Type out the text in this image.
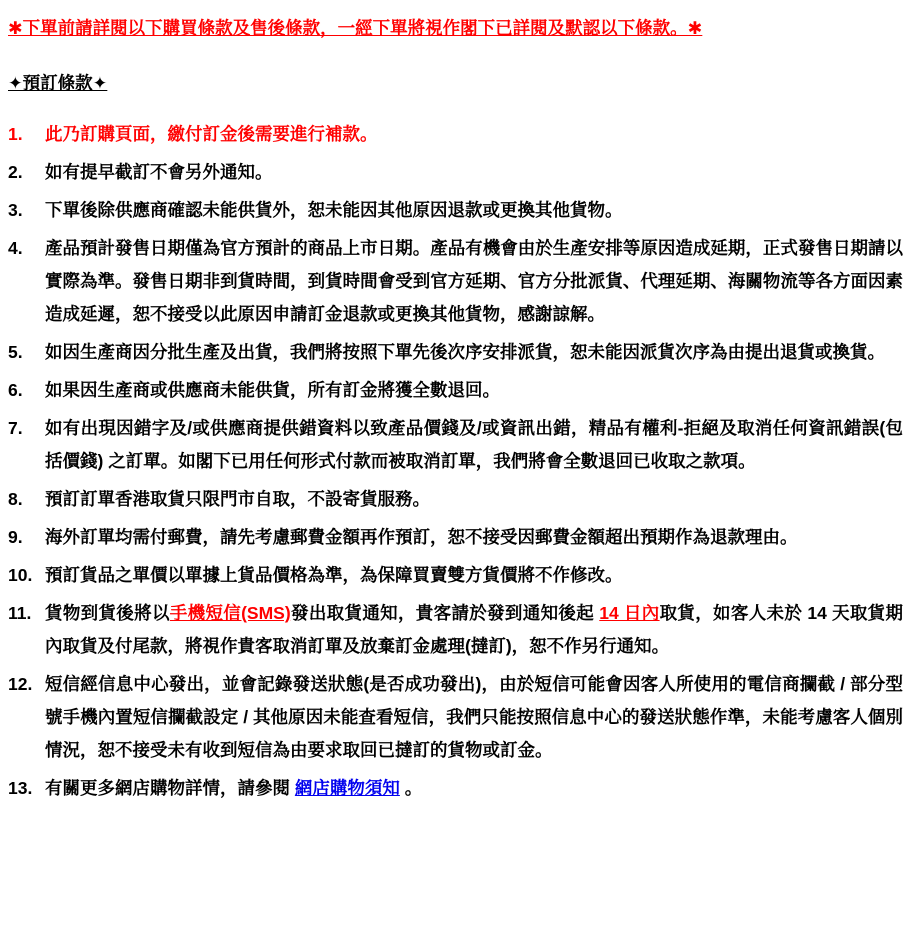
✱下單前請詳閱以下購買條款及售後條款，一經下單將視作閣下已詳閱及默認以下條款。✱
✦預訂條款✦
1.	此乃訂購頁面，繳付訂金後需要進行補款。
2.	如有提早截訂不會另外通知。
3.	下單後除供應商確認未能供貨外，恕未能因其他原因退款或更換其他貨物。
4.	產品預計發售日期僅為官方預計的商品上市日期。產品有機會由於生產安排等原因造成延期，正式發售日期請以實際為準。發售日期非到貨時間，到貨時間會受到官方延期、官方分批派貨、代理延期、海關物流等各方面因素造成延遲，恕不接受以此原因申請訂金退款或更換其他貨物，感謝諒解。
5.	如因生產商因分批生產及出貨，我們將按照下單先後次序安排派貨，恕未能因派貨次序為由提出退貨或換貨。
6.	如果因生產商或供應商未能供貨，所有訂金將獲全數退回。
7.	如有出現因錯字及/或供應商提供錯資料以致產品價錢及/或資訊出錯，精品有權利-拒絕及取消任何資訊錯誤(包括價錢) 之訂單。如閣下已用任何形式付款而被取消訂單，我們將會全數退回已收取之款項。
8.	預訂訂單香港取貨只限門市自取，不設寄貨服務。
9.	海外訂單均需付郵費，請先考慮郵費金額再作預訂，恕不接受因郵費金額超出預期作為退款理由。
10. 預訂貨品之單價以單據上貨品價格為準，為保障買賣雙方貨價將不作修改。
11. 貨物到貨後將以手機短信(SMS)發出取貨通知，貴客請於發到通知後起 14 日內取貨，如客人未於 14 天取貨期內取貨及付尾款，將視作貴客取消訂單及放棄訂金處理(撻訂)，恕不作另行通知。
12. 短信經信息中心發出，並會記錄發送狀態(是否成功發出)，由於短信可能會因客人所使用的電信商攔截 / 部分型號手機內置短信攔截設定 / 其他原因未能查看短信，我們只能按照信息中心的發送狀態作準，未能考慮客人個別情況，恕不接受未有收到短信為由要求取回已撻訂的貨物或訂金。
13. 有關更多網店購物詳情，請參閱 網店購物須知 。
